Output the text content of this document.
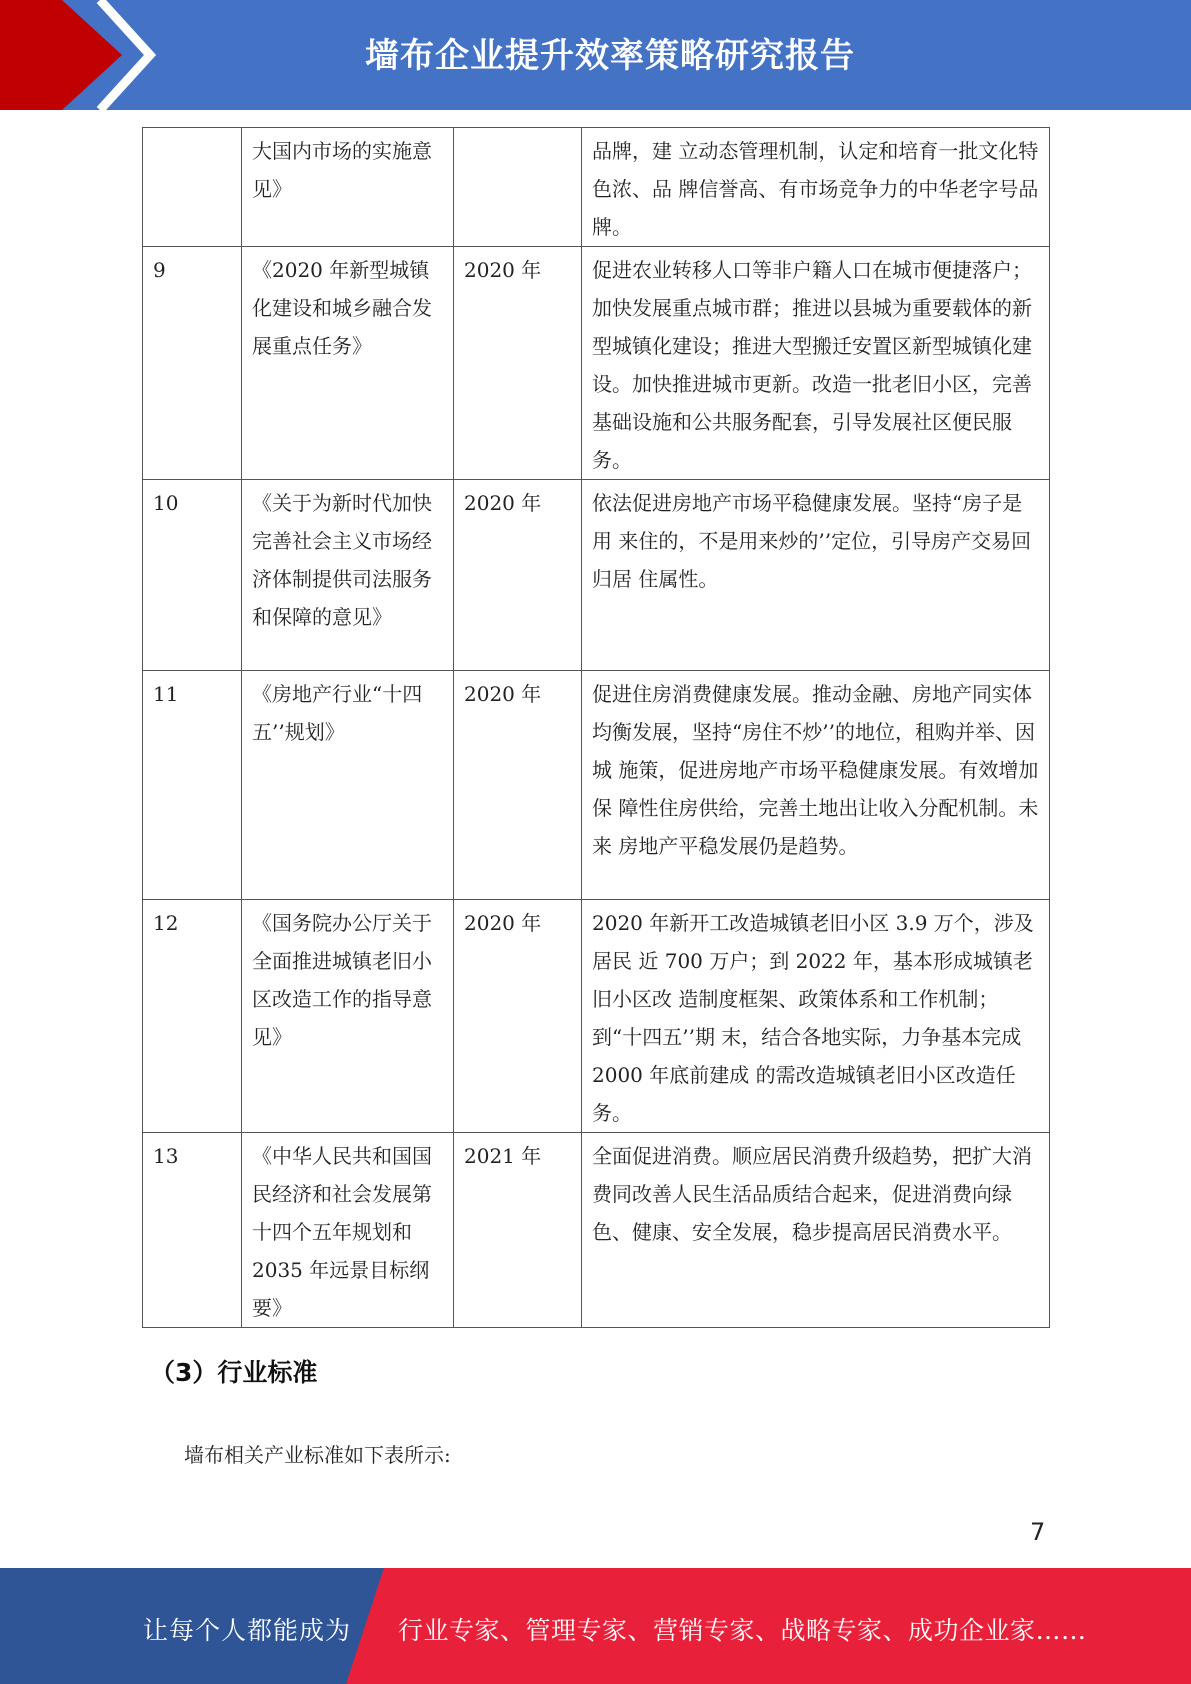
墙布企业提升效率策略研究报告
	大国内市场的实施意见》		品牌，建 立动态管理机制，认定和培育一批文化特色浓、品 牌信誉高、有市场竞争力的中华老字号品牌。
9	《2020 年新型城镇化建设和城乡融合发展重点任务》	2020 年	促进农业转移人口等非户籍人口在城市便捷落户； 加快发展重点城市群；推进以县城为重要载体的新 型城镇化建设；推进大型搬迁安置区新型城镇化建 设。加快推进城市更新。改造一批老旧小区，完善 基础设施和公共服务配套，引导发展社区便民服 务。
10	《关于为新时代加快完善社会主义市场经济体制提供司法服务和保障的意见》	2020 年	依法促进房地产市场平稳健康发展。坚持“房子是用 来住的，不是用来炒的’’定位，引导房产交易回归居 住属性。
11	《房地产行业“十四五’’规划》	2020 年	促进住房消费健康发展。推动金融、房地产同实体 均衡发展，坚持“房住不炒’’的地位，租购并举、因城 施策，促进房地产市场平稳健康发展。有效增加保 障性住房供给，完善土地出让收入分配机制。未来 房地产平稳发展仍是趋势。
12	《国务院办公厅关于全面推进城镇老旧小区改造工作的指导意见》	2020 年	2020 年新开工改造城镇老旧小区 3.9 万个，涉及居民 近 700 万户；到 2022 年，基本形成城镇老旧小区改 造制度框架、政策体系和工作机制；到“十四五’’期 末，结合各地实际，力争基本完成 2000 年底前建成 的需改造城镇老旧小区改造任务。
13	《中华人民共和国国民经济和社会发展第十四个五年规划和 2035 年远景目标纲要》	2021 年	全面促进消费。顺应居民消费升级趋势，把扩大消 费同改善人民生活品质结合起来，促进消费向绿 色、健康、安全发展，稳步提高居民消费水平。
（3）行业标准
墙布相关产业标准如下表所示:
7
让每个人都能成为 行业专家、管理专家、营销专家、战略专家、成功企业家……
